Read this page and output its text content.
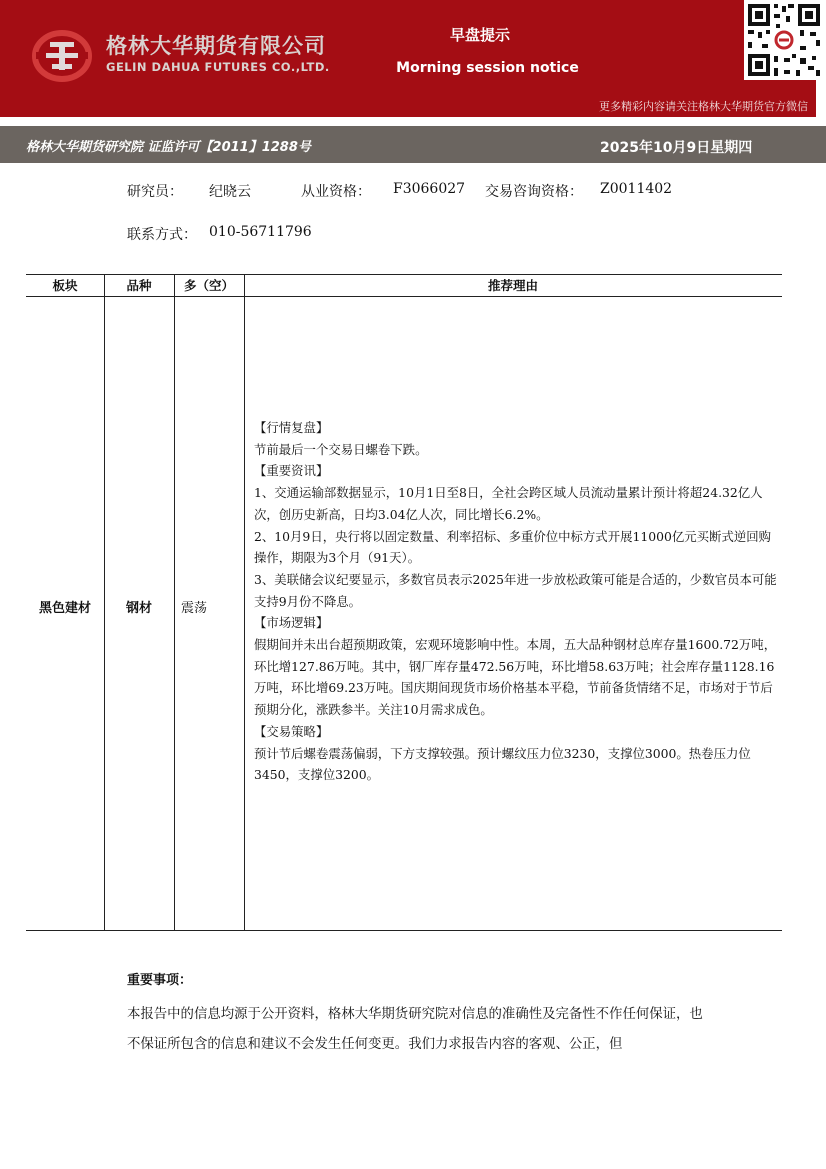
格林大华期货有限公司
GELIN DAHUA FUTURES CO.,LTD.
早盘提示
Morning session notice
更多精彩内容请关注格林大华期货官方微信
格林大华期货研究院 证监许可【2011】1288号	2025年10月9日星期四
研究员： 纪晓云	从业资格： F3066027 交易咨询资格： Z0011402
联系方式： 010-56711796
板块	品种	多（空）	推荐理由
黑色建材	钢材	震荡

【行情复盘】

节前最后一个交易日螺卷下跌。

【重要资讯】

1、交通运输部数据显示，10月1日至8日，全社会跨区域人员流动量累计预计将超24.32亿人次，创历史新高，日均3.04亿人次，同比增长6.2%。

2、10月9日，央行将以固定数量、利率招标、多重价位中标方式开展11000亿元买断式逆回购操作，期限为3个月（91天）。

3、美联储会议纪要显示，多数官员表示2025年进一步放松政策可能是合适的，少数官员本可能支持9月份不降息。

【市场逻辑】

假期间并未出台超预期政策，宏观环境影响中性。本周，五大品种钢材总库存量1600.72万吨，环比增127.86万吨。其中，钢厂库存量472.56万吨，环比增58.63万吨；社会库存量1128.16万吨，环比增69.23万吨。国庆期间现货市场价格基本平稳，节前备货情绪不足，市场对于节后预期分化，涨跌参半。关注10月需求成色。

【交易策略】

预计节后螺卷震荡偏弱，下方支撑较强。预计螺纹压力位3230，支撑位3000。热卷压力位3450，支撑位3200。

重要事项：
本报告中的信息均源于公开资料，格林大华期货研究院对信息的准确性及完备性不作任何保证，也不保证所包含的信息和建议不会发生任何变更。我们力求报告内容的客观、公正，但
